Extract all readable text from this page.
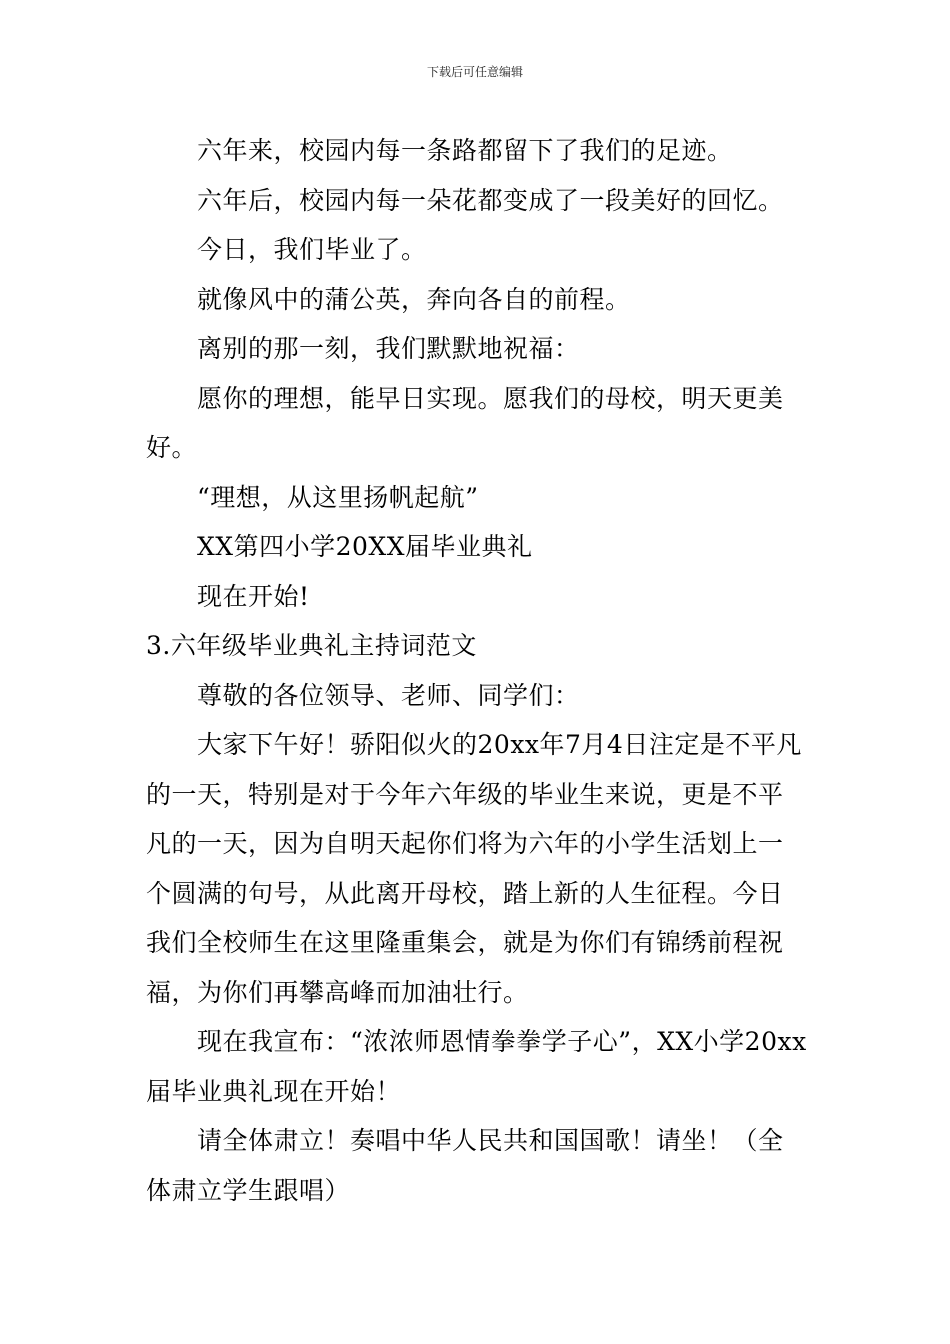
下载后可任意编辑

六年来，校园内每一条路都留下了我们的足迹。

六年后，校园内每一朵花都变成了一段美好的回忆。

今日，我们毕业了。

就像风中的蒲公英，奔向各自的前程。

离别的那一刻，我们默默地祝福：

愿你的理想，能早日实现。愿我们的母校，明天更美好。

“理想，从这里扬帆起航”

XX第四小学20XX届毕业典礼

现在开始!

3.六年级毕业典礼主持词范文

尊敬的各位领导、老师、同学们：

大家下午好！骄阳似火的20xx年7月4日注定是不平凡的一天，特别是对于今年六年级的毕业生来说，更是不平凡的一天，因为自明天起你们将为六年的小学生活划上一个圆满的句号，从此离开母校，踏上新的人生征程。今日我们全校师生在这里隆重集会，就是为你们有锦绣前程祝福，为你们再攀高峰而加油壮行。

现在我宣布：“浓浓师恩情拳拳学子心”，XX小学20xx届毕业典礼现在开始！

请全体肃立！奏唱中华人民共和国国歌！请坐！（全体肃立学生跟唱）
